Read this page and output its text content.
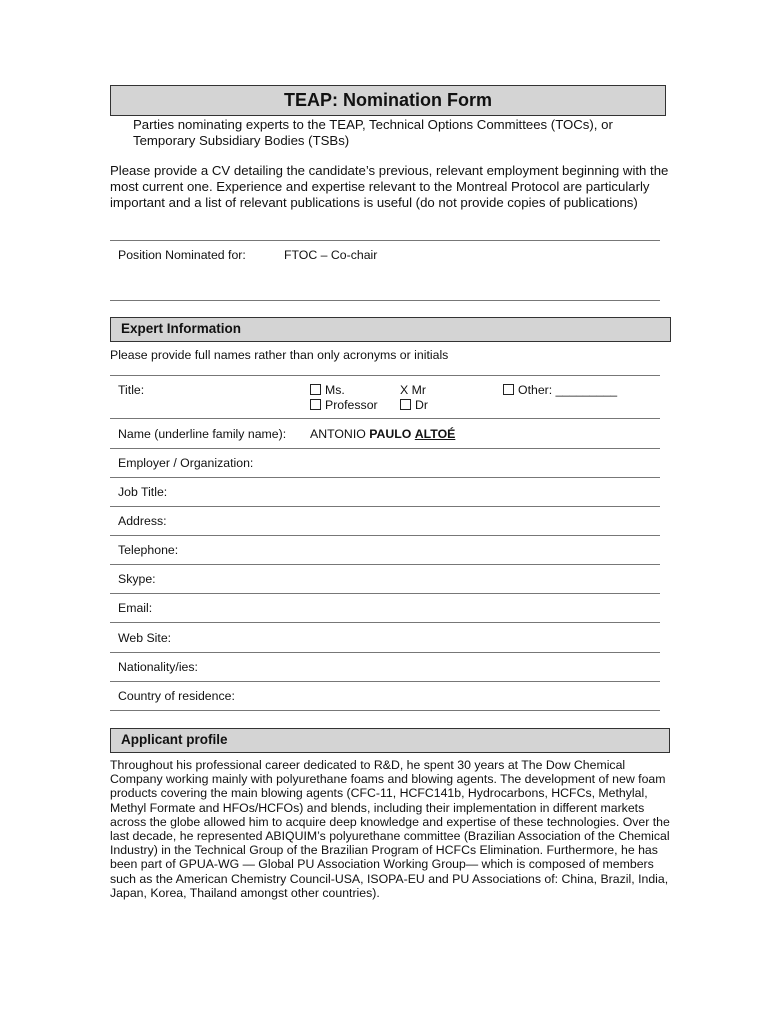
TEAP: Nomination Form
Parties nominating experts to the TEAP, Technical Options Committees (TOCs), or Temporary Subsidiary Bodies (TSBs)
Please provide a CV detailing the candidate’s previous, relevant employment beginning with the most current one. Experience and expertise relevant to the Montreal Protocol are particularly important and a list of relevant publications is useful (do not provide copies of publications)
Position Nominated for:	FTOC – Co-chair
Expert Information
Please provide full names rather than only acronyms or initials
Title:	Ms.	X Mr	Other: _________
Professor	Dr
Name (underline family name): ANTONIO PAULO ALTOÉ
Employer / Organization:
Job Title:
Address:
Telephone:
Skype:
Email:
Web Site:
Nationality/ies:
Country of residence:
Applicant profile
Throughout his professional career dedicated to R&D, he spent 30 years at The Dow Chemical Company working mainly with polyurethane foams and blowing agents. The development of new foam products covering the main blowing agents (CFC-11, HCFC141b, Hydrocarbons, HCFCs, Methylal, Methyl Formate and HFOs/HCFOs) and blends, including their implementation in different markets across the globe allowed him to acquire deep knowledge and expertise of these technologies. Over the last decade, he represented ABIQUIM’s polyurethane committee (Brazilian Association of the Chemical Industry) in the Technical Group of the Brazilian Program of HCFCs Elimination. Furthermore, he has been part of GPUA-WG — Global PU Association Working Group— which is composed of members such as the American Chemistry Council-USA, ISOPA-EU and PU Associations of: China, Brazil, India, Japan, Korea, Thailand amongst other countries).
